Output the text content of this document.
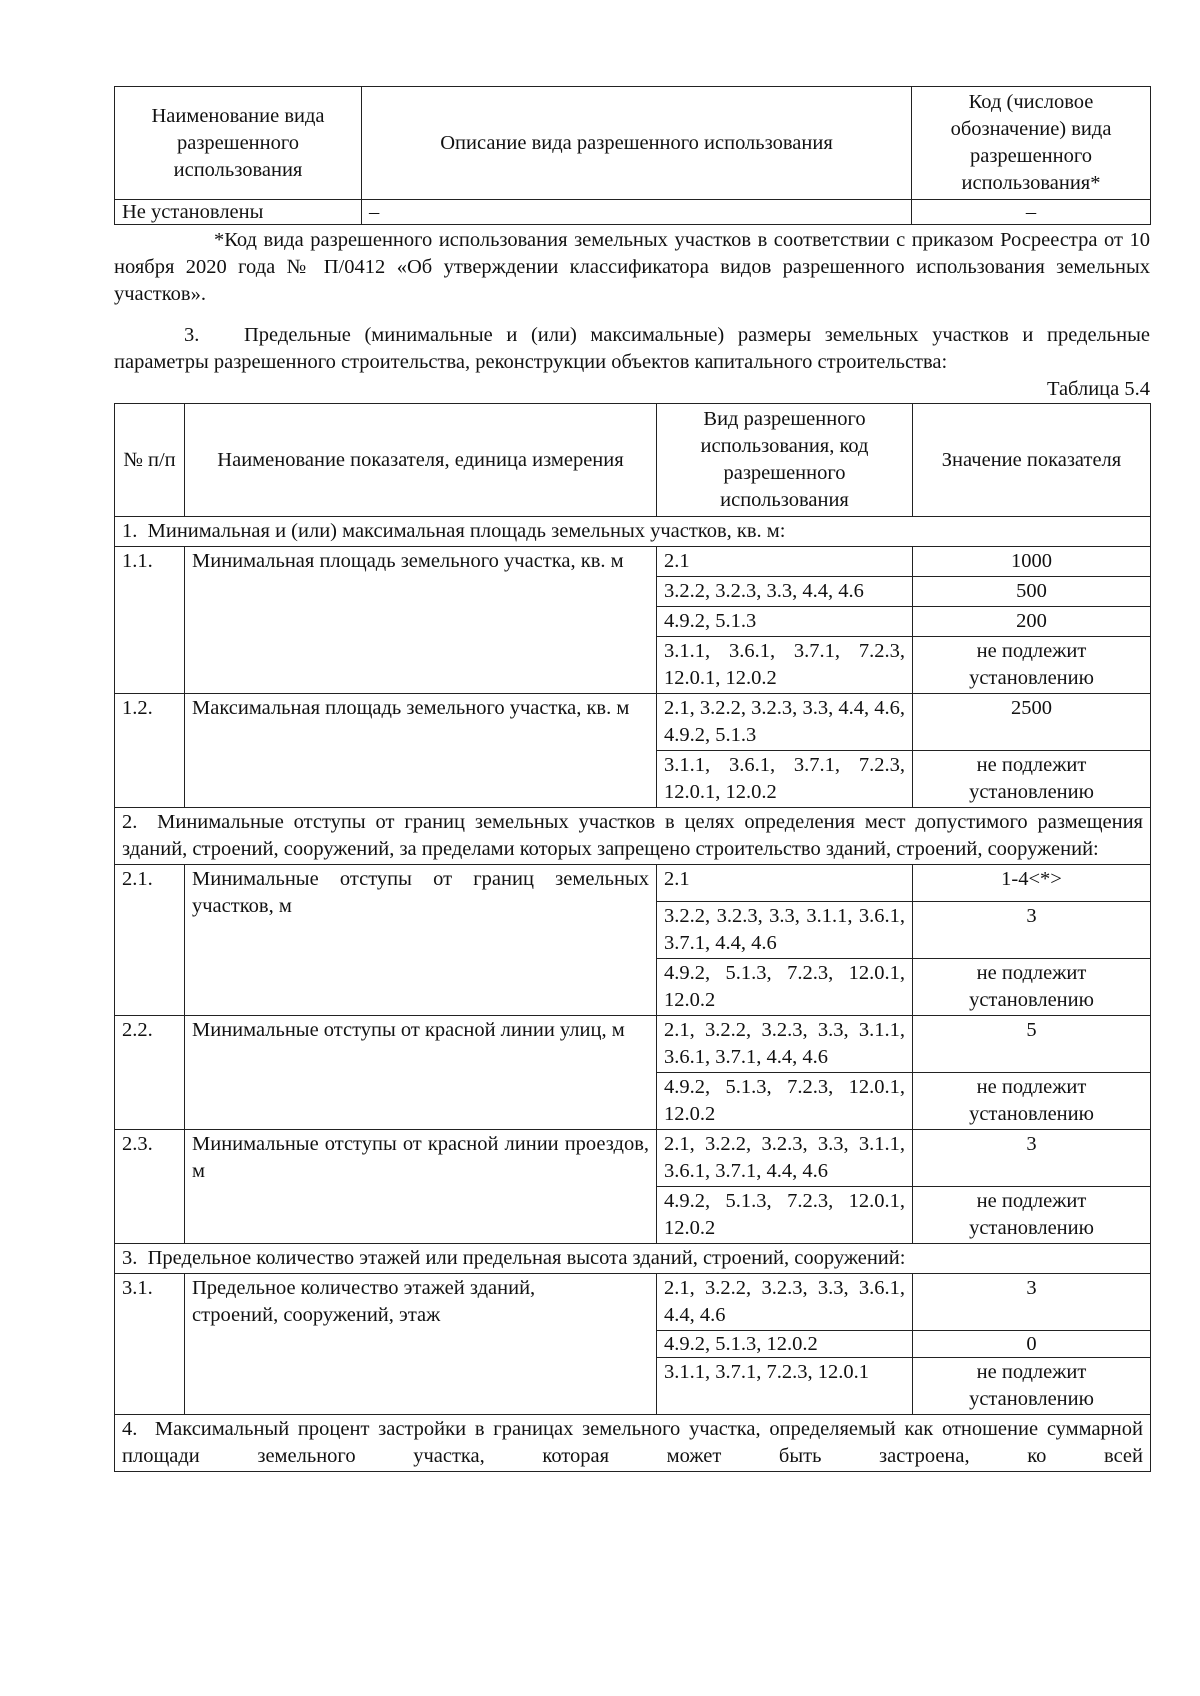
Наименование вида разрешенного использования	Описание вида разрешенного использования	Код (числовое обозначение) вида разрешенного использования*
Не установлены	–	–

*Код вида разрешенного использования земельных участков в соответствии с приказом Росреестра от 10 ноября 2020 года № П/0412 «Об утверждении классификатора видов разрешенного использования земельных участков».

3. Предельные (минимальные и (или) максимальные) размеры земельных участков и предельные параметры разрешенного строительства, реконструкции объектов капитального строительства:

Таблица 5.4

№ п/п	Наименование показателя, единица измерения	Вид разрешенного использования, код разрешенного использования	Значение показателя
1.  Минимальная и (или) максимальная площадь земельных участков, кв. м:			
1.1.	Минимальная площадь земельного участка, кв. м	2.1	1000
		3.2.2, 3.2.3, 3.3, 4.4, 4.6	500
		4.9.2, 5.1.3	200
		3.1.1, 3.6.1, 3.7.1, 7.2.3, 12.0.1, 12.0.2	не подлежит установлению
1.2.	Максимальная площадь земельного участка, кв. м	2.1, 3.2.2, 3.2.3, 3.3, 4.4, 4.6, 4.9.2, 5.1.3	2500
		3.1.1, 3.6.1, 3.7.1, 7.2.3, 12.0.1, 12.0.2	не подлежит установлению
2.  Минимальные отступы от границ земельных участков в целях определения мест допустимого размещения зданий, строений, сооружений, за пределами которых запрещено строительство зданий, строений, сооружений:			
2.1.	Минимальные отступы от границ земельных участков, м	2.1	1-4<*>
		3.2.2, 3.2.3, 3.3, 3.1.1, 3.6.1, 3.7.1, 4.4, 4.6	3
		4.9.2, 5.1.3, 7.2.3, 12.0.1, 12.0.2	не подлежит установлению
2.2.	Минимальные отступы от красной линии улиц, м	2.1, 3.2.2, 3.2.3, 3.3, 3.1.1, 3.6.1, 3.7.1, 4.4, 4.6	5
		4.9.2, 5.1.3, 7.2.3, 12.0.1, 12.0.2	не подлежит установлению
2.3.	Минимальные отступы от красной линии проездов, м	2.1, 3.2.2, 3.2.3, 3.3, 3.1.1, 3.6.1, 3.7.1, 4.4, 4.6	3
		4.9.2, 5.1.3, 7.2.3, 12.0.1, 12.0.2	не подлежит установлению
3.  Предельное количество этажей или предельная высота зданий, строений, сооружений:			
3.1.	Предельное количество этажей зданий, строений, сооружений, этаж	2.1, 3.2.2, 3.2.3, 3.3, 3.6.1, 4.4, 4.6	3
		4.9.2, 5.1.3, 12.0.2	0
		3.1.1, 3.7.1, 7.2.3, 12.0.1	не подлежит установлению
4.  Максимальный процент застройки в границах земельного участка, определяемый как отношение суммарной площади земельного участка, которая может быть застроена, ко всей			
